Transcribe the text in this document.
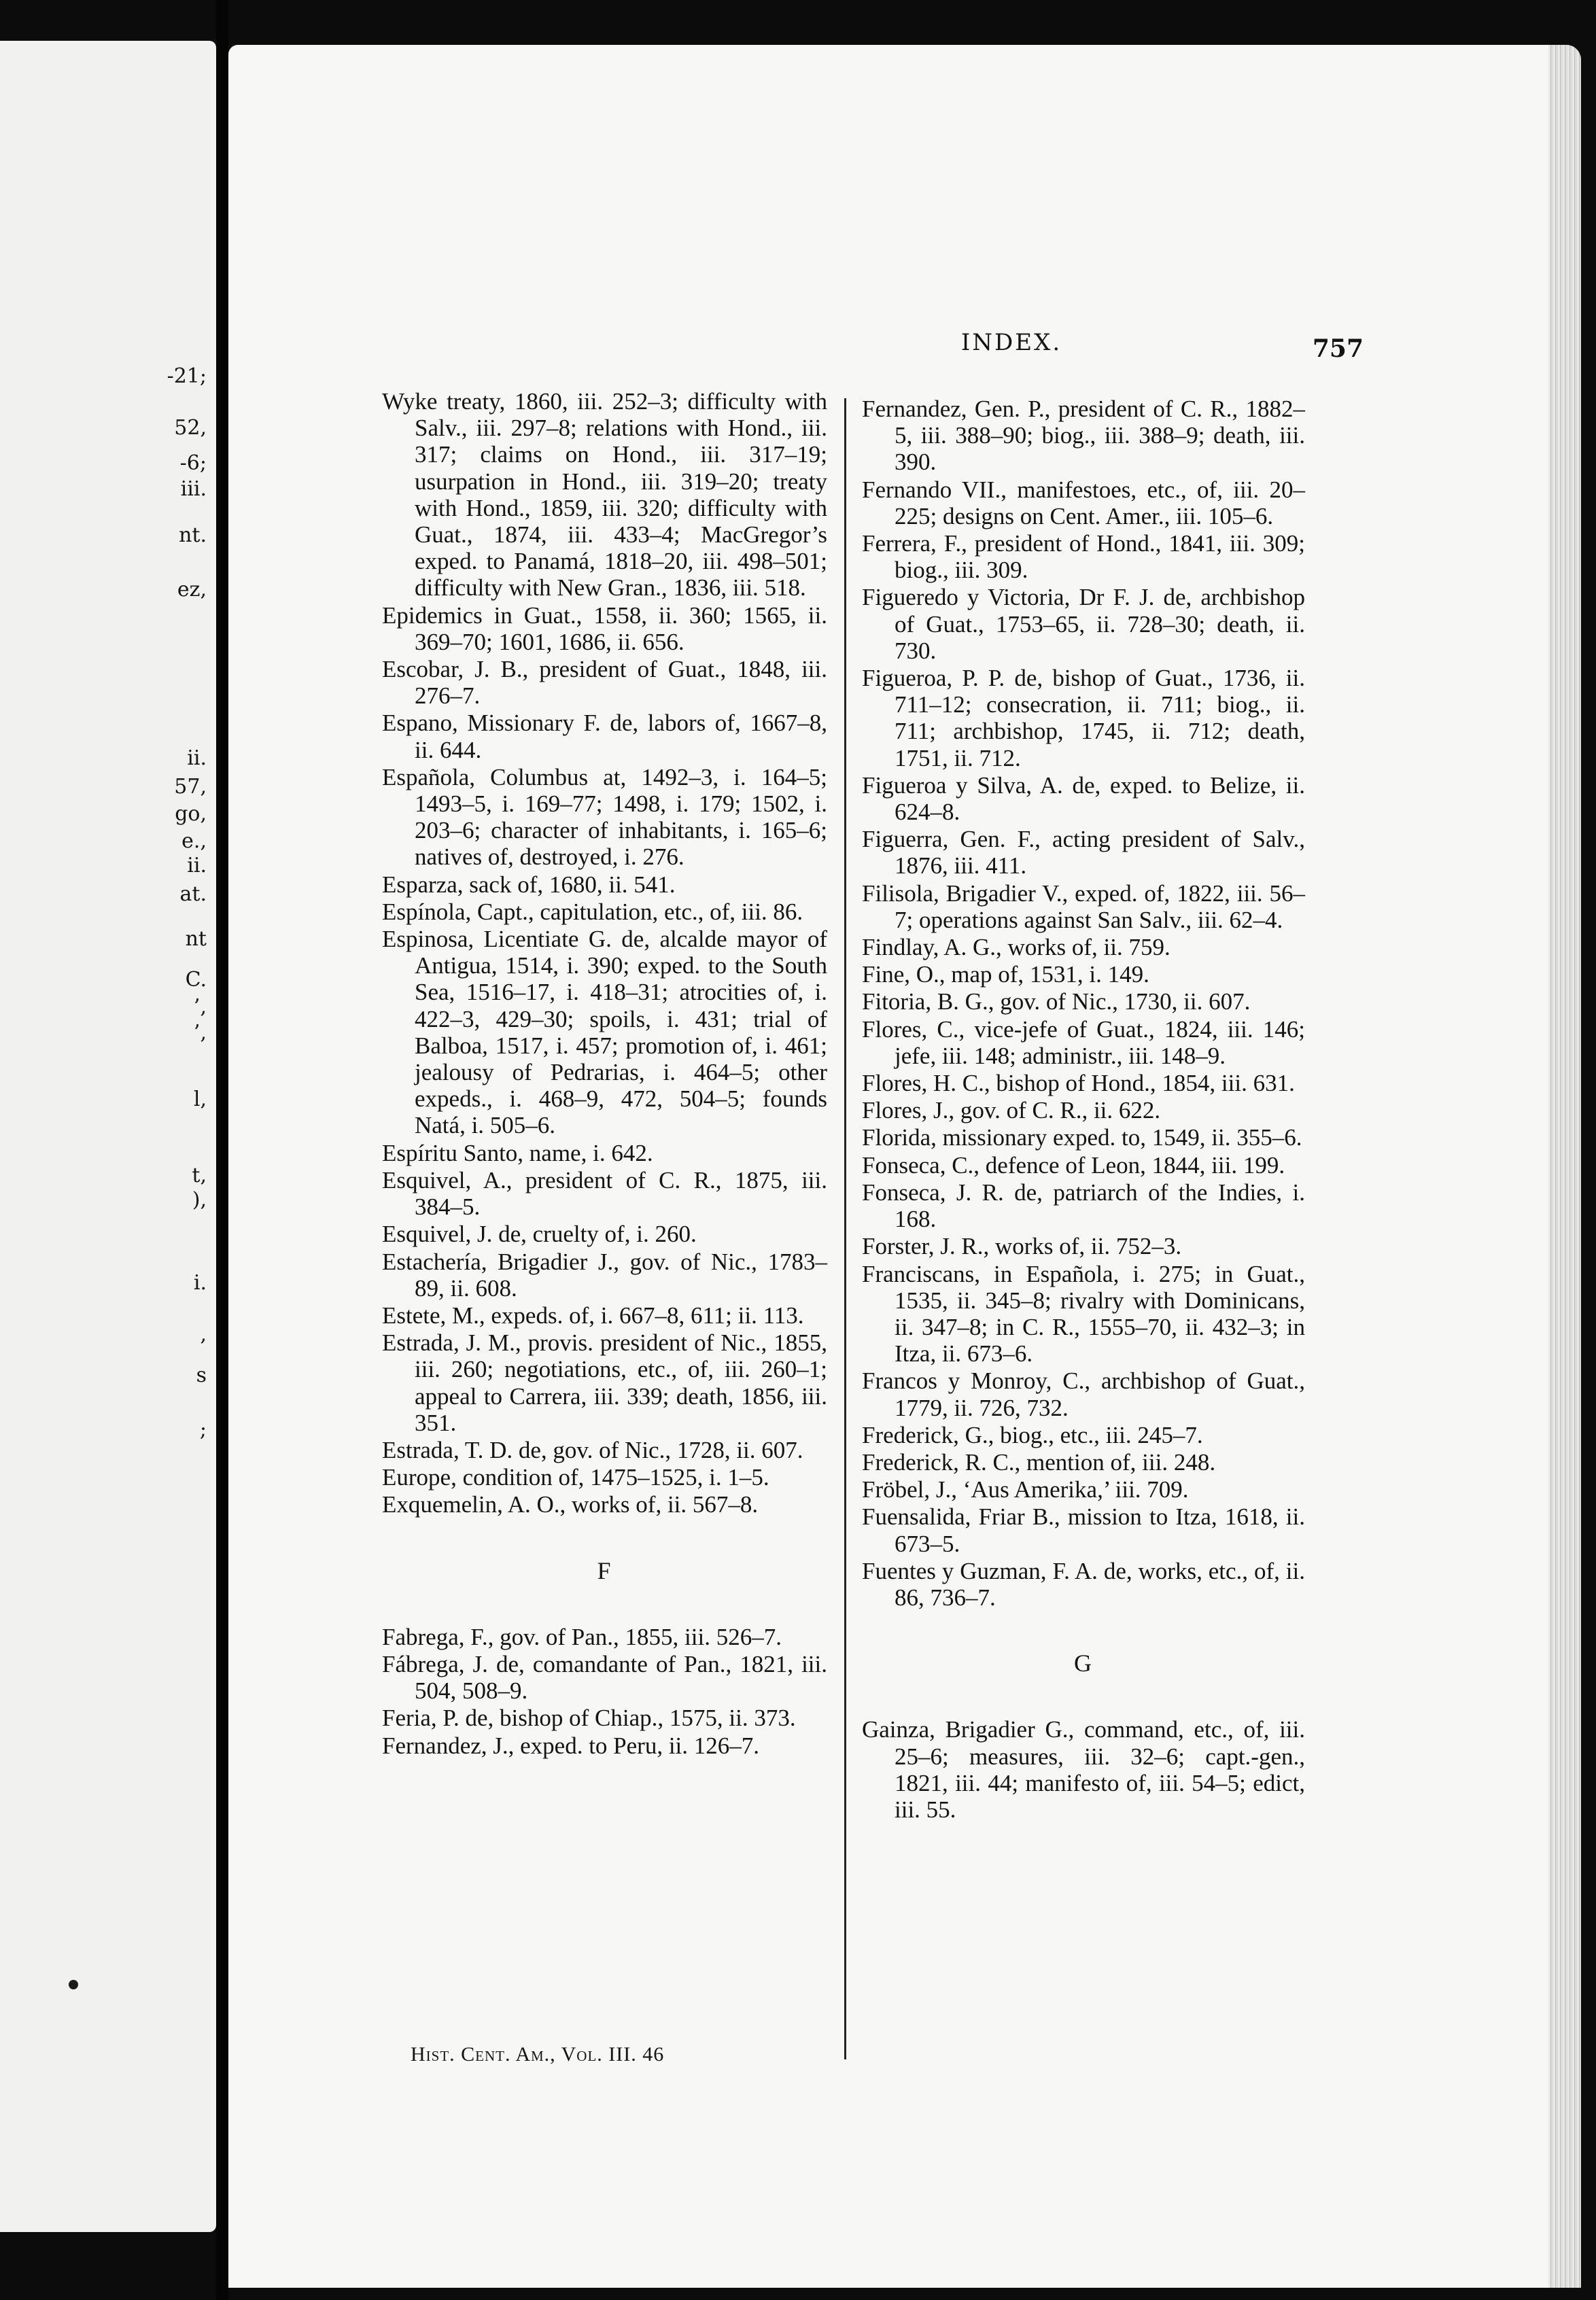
-21;
52,
-6;
iii.
nt.
ez,
ii.
57,
go,
e.,
ii.
at.
nt
C.
’,
’,
l,
t,
),
i.
,
s
;
INDEX.	757

Wyke treaty, 1860, iii. 252–3; difficulty with Salv., iii. 297–8; relations with Hond., iii. 317; claims on Hond., iii. 317–19; usurpation in Hond., iii. 319–20; treaty with Hond., 1859, iii. 320; difficulty with Guat., 1874, iii. 433–4; MacGregor’s exped. to Panamá, 1818–20, iii. 498–501; difficulty with New Gran., 1836, iii. 518.

Epidemics in Guat., 1558, ii. 360; 1565, ii. 369–70; 1601, 1686, ii. 656.

Escobar, J. B., president of Guat., 1848, iii. 276–7.

Espano, Missionary F. de, labors of, 1667–8, ii. 644.

Española, Columbus at, 1492–3, i. 164–5; 1493–5, i. 169–77; 1498, i. 179; 1502, i. 203–6; character of inhabitants, i. 165–6; natives of, destroyed, i. 276.

Esparza, sack of, 1680, ii. 541.

Espínola, Capt., capitulation, etc., of, iii. 86.

Espinosa, Licentiate G. de, alcalde mayor of Antigua, 1514, i. 390; exped. to the South Sea, 1516–17, i. 418–31; atrocities of, i. 422–3, 429–30; spoils, i. 431; trial of Balboa, 1517, i. 457; promotion of, i. 461; jealousy of Pedrarias, i. 464–5; other expeds., i. 468–9, 472, 504–5; founds Natá, i. 505–6.

Espíritu Santo, name, i. 642.

Esquivel, A., president of C. R., 1875, iii. 384–5.

Esquivel, J. de, cruelty of, i. 260.

Estachería, Brigadier J., gov. of Nic., 1783–89, ii. 608.

Estete, M., expeds. of, i. 667–8, 611; ii. 113.

Estrada, J. M., provis. president of Nic., 1855, iii. 260; negotiations, etc., of, iii. 260–1; appeal to Carrera, iii. 339; death, 1856, iii. 351.

Estrada, T. D. de, gov. of Nic., 1728, ii. 607.

Europe, condition of, 1475–1525, i. 1–5.

Exquemelin, A. O., works of, ii. 567–8.

F

Fabrega, F., gov. of Pan., 1855, iii. 526–7.

Fábrega, J. de, comandante of Pan., 1821, iii. 504, 508–9.

Feria, P. de, bishop of Chiap., 1575, ii. 373.

Fernandez, J., exped. to Peru, ii. 126–7.

Fernandez, Gen. P., president of C. R., 1882–5, iii. 388–90; biog., iii. 388–9; death, iii. 390.

Fernando VII., manifestoes, etc., of, iii. 20–225; designs on Cent. Amer., iii. 105–6.

Ferrera, F., president of Hond., 1841, iii. 309; biog., iii. 309.

Figueredo y Victoria, Dr F. J. de, archbishop of Guat., 1753–65, ii. 728–30; death, ii. 730.

Figueroa, P. P. de, bishop of Guat., 1736, ii. 711–12; consecration, ii. 711; biog., ii. 711; archbishop, 1745, ii. 712; death, 1751, ii. 712.

Figueroa y Silva, A. de, exped. to Belize, ii. 624–8.

Figuerra, Gen. F., acting president of Salv., 1876, iii. 411.

Filisola, Brigadier V., exped. of, 1822, iii. 56–7; operations against San Salv., iii. 62–4.

Findlay, A. G., works of, ii. 759.

Fine, O., map of, 1531, i. 149.

Fitoria, B. G., gov. of Nic., 1730, ii. 607.

Flores, C., vice-jefe of Guat., 1824, iii. 146; jefe, iii. 148; administr., iii. 148–9.

Flores, H. C., bishop of Hond., 1854, iii. 631.

Flores, J., gov. of C. R., ii. 622.

Florida, missionary exped. to, 1549, ii. 355–6.

Fonseca, C., defence of Leon, 1844, iii. 199.

Fonseca, J. R. de, patriarch of the Indies, i. 168.

Forster, J. R., works of, ii. 752–3.

Franciscans, in Española, i. 275; in Guat., 1535, ii. 345–8; rivalry with Dominicans, ii. 347–8; in C. R., 1555–70, ii. 432–3; in Itza, ii. 673–6.

Francos y Monroy, C., archbishop of Guat., 1779, ii. 726, 732.

Frederick, G., biog., etc., iii. 245–7.

Frederick, R. C., mention of, iii. 248.

Fröbel, J., ‘Aus Amerika,’ iii. 709.

Fuensalida, Friar B., mission to Itza, 1618, ii. 673–5.

Fuentes y Guzman, F. A. de, works, etc., of, ii. 86, 736–7.

G

Gainza, Brigadier G., command, etc., of, iii. 25–6; measures, iii. 32–6; capt.-gen., 1821, iii. 44; manifesto of, iii. 54–5; edict, iii. 55.

Hist. Cent. Am., Vol. III. 46
